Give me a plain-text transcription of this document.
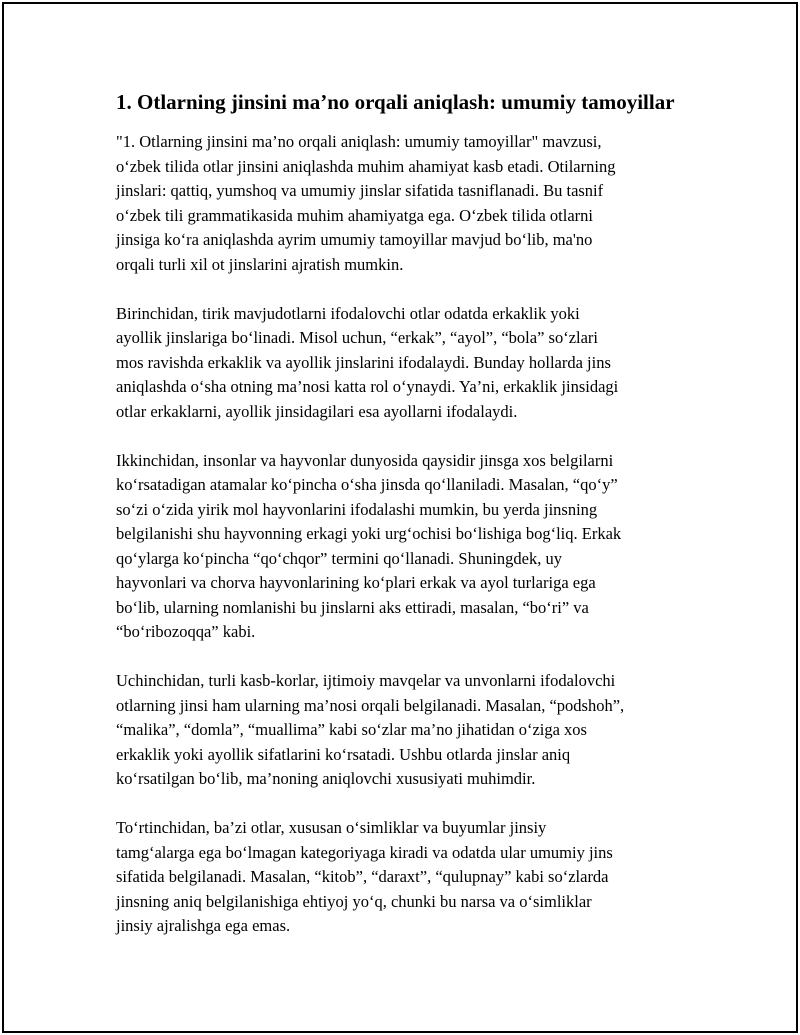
1. Otlarning jinsini ma’no orqali aniqlash: umumiy tamoyillar

"1. Otlarning jinsini ma’no orqali aniqlash: umumiy tamoyillar" mavzusi,
o‘zbek tilida otlar jinsini aniqlashda muhim ahamiyat kasb etadi. Otilarning
jinslari: qattiq, yumshoq va umumiy jinslar sifatida tasniflanadi. Bu tasnif
o‘zbek tili grammatikasida muhim ahamiyatga ega. O‘zbek tilida otlarni
jinsiga ko‘ra aniqlashda ayrim umumiy tamoyillar mavjud bo‘lib, ma'no
orqali turli xil ot jinslarini ajratish mumkin.

Birinchidan, tirik mavjudotlarni ifodalovchi otlar odatda erkaklik yoki
ayollik jinslariga bo‘linadi. Misol uchun, “erkak”, “ayol”, “bola” so‘zlari
mos ravishda erkaklik va ayollik jinslarini ifodalaydi. Bunday hollarda jins
aniqlashda o‘sha otning ma’nosi katta rol o‘ynaydi. Ya’ni, erkaklik jinsidagi
otlar erkaklarni, ayollik jinsidagilari esa ayollarni ifodalaydi.

Ikkinchidan, insonlar va hayvonlar dunyosida qaysidir jinsga xos belgilarni
ko‘rsatadigan atamalar ko‘pincha o‘sha jinsda qo‘llaniladi. Masalan, “qo‘y”
so‘zi o‘zida yirik mol hayvonlarini ifodalashi mumkin, bu yerda jinsning
belgilanishi shu hayvonning erkagi yoki urg‘ochisi bo‘lishiga bog‘liq. Erkak
qo‘ylarga ko‘pincha “qo‘chqor” termini qo‘llanadi. Shuningdek, uy
hayvonlari va chorva hayvonlarining ko‘plari erkak va ayol turlariga ega
bo‘lib, ularning nomlanishi bu jinslarni aks ettiradi, masalan, “bo‘ri” va
“bo‘ribozoqqa” kabi.

Uchinchidan, turli kasb-korlar, ijtimoiy mavqelar va unvonlarni ifodalovchi
otlarning jinsi ham ularning ma’nosi orqali belgilanadi. Masalan, “podshoh”,
“malika”, “domla”, “muallima” kabi so‘zlar ma’no jihatidan o‘ziga xos
erkaklik yoki ayollik sifatlarini ko‘rsatadi. Ushbu otlarda jinslar aniq
ko‘rsatilgan bo‘lib, ma’noning aniqlovchi xususiyati muhimdir.

To‘rtinchidan, ba’zi otlar, xususan o‘simliklar va buyumlar jinsiy
tamg‘alarga ega bo‘lmagan kategoriyaga kiradi va odatda ular umumiy jins
sifatida belgilanadi. Masalan, “kitob”, “daraxt”, “qulupnay” kabi so‘zlarda
jinsning aniq belgilanishiga ehtiyoj yo‘q, chunki bu narsa va o‘simliklar
jinsiy ajralishga ega emas.
